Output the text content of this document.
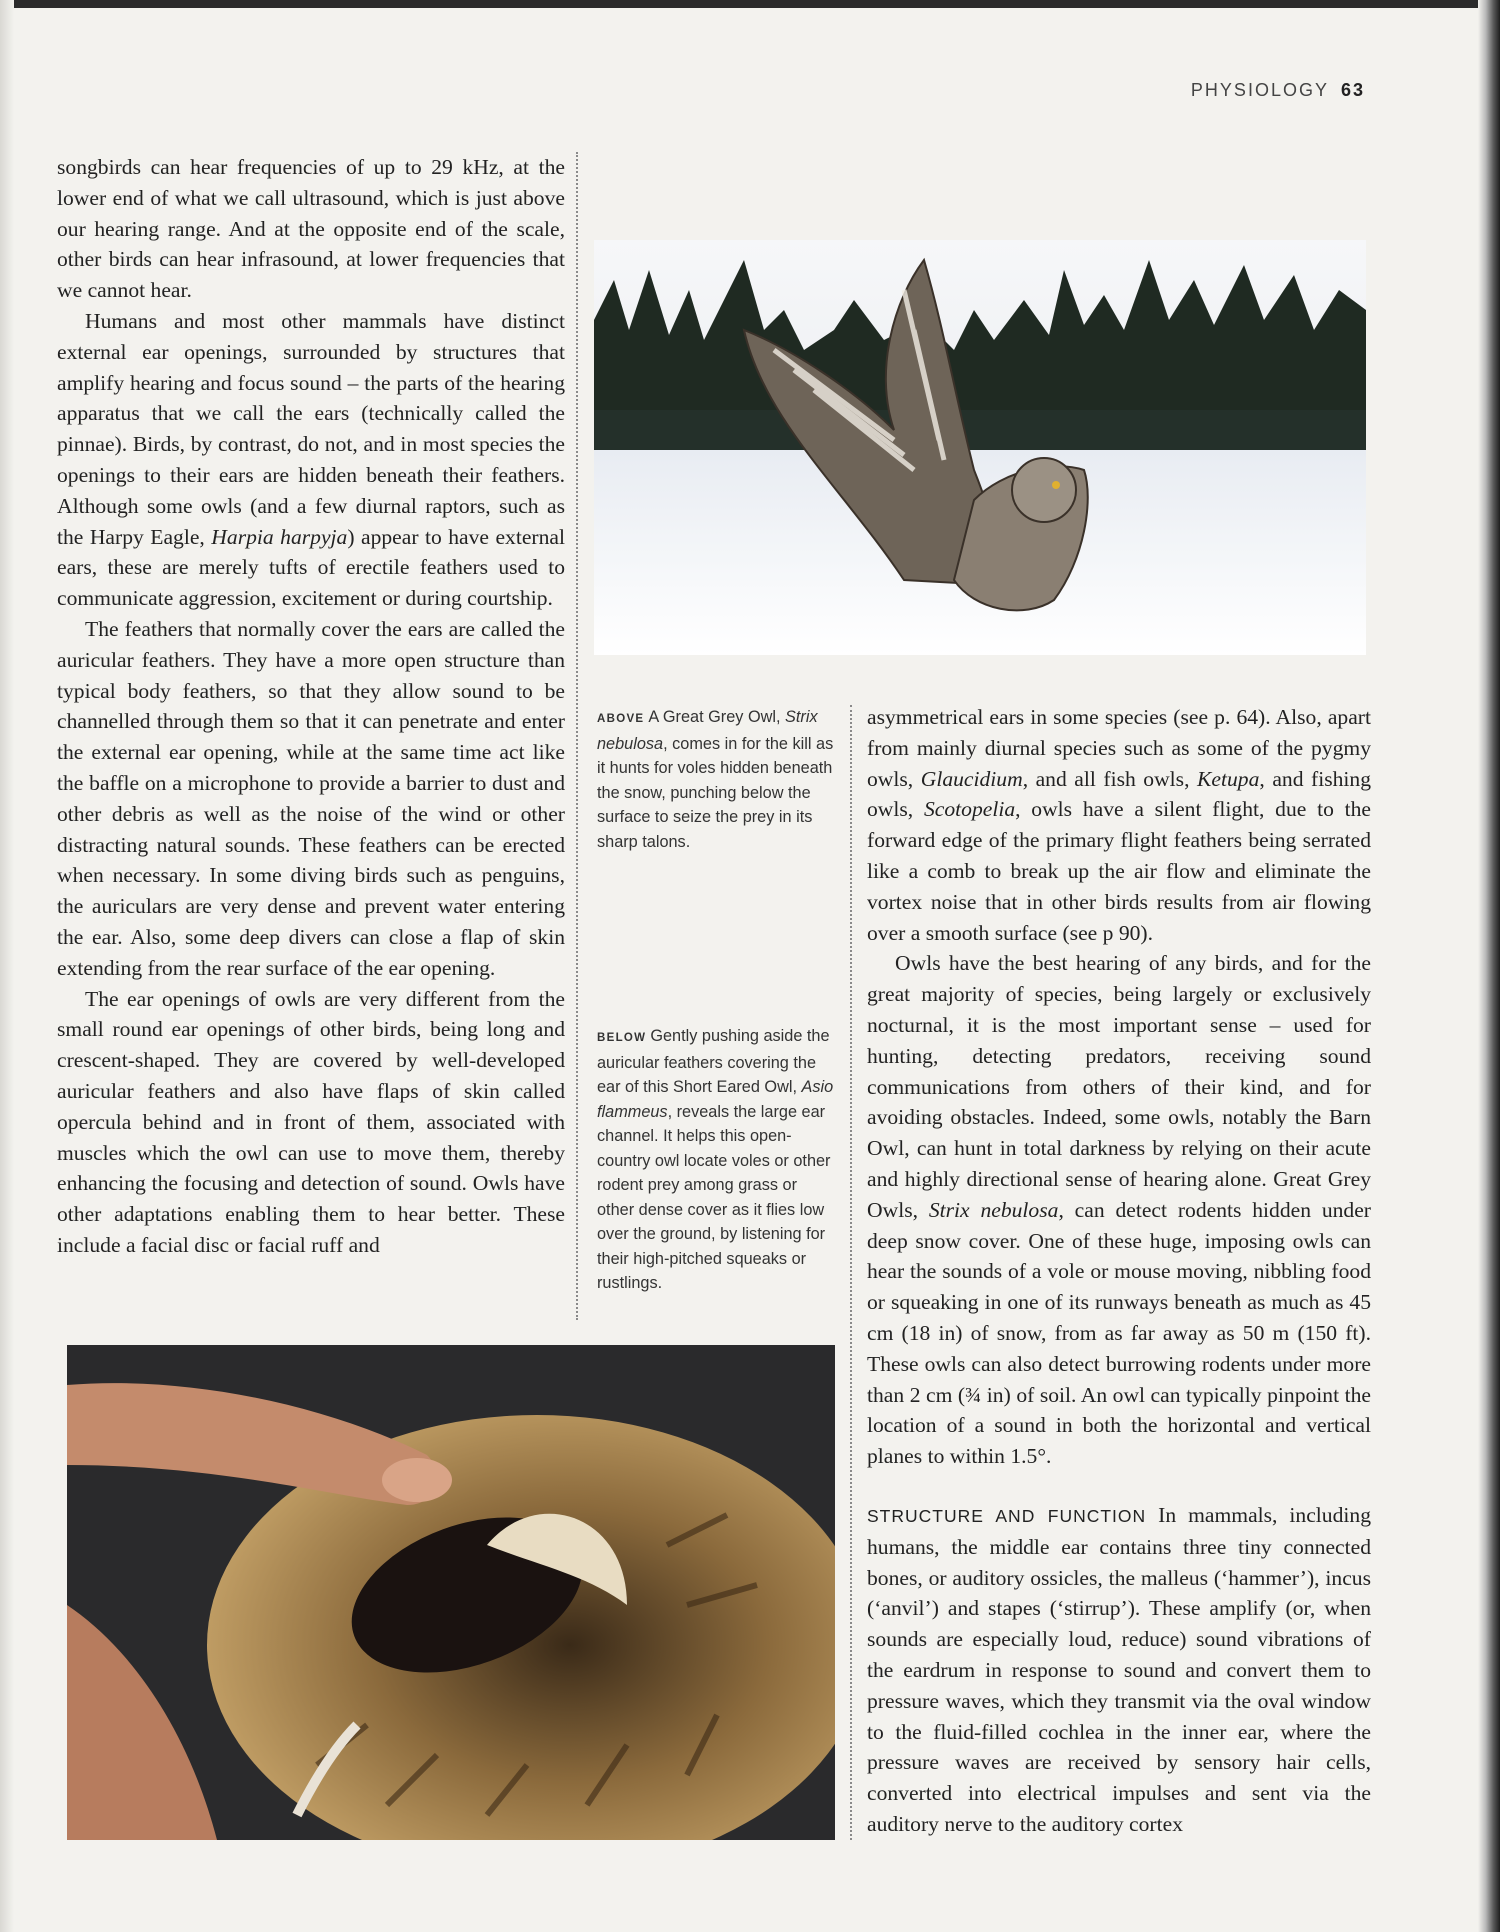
PHYSIOLOGY 63

songbirds can hear frequencies of up to 29 kHz, at the lower end of what we call ultrasound, which is just above our hearing range. And at the opposite end of the scale, other birds can hear infrasound, at lower frequencies that we cannot hear.

Humans and most other mammals have distinct external ear openings, surrounded by structures that amplify hearing and focus sound – the parts of the hearing apparatus that we call the ears (technically called the pinnae). Birds, by contrast, do not, and in most species the openings to their ears are hidden beneath their feathers. Although some owls (and a few diurnal raptors, such as the Harpy Eagle, Harpia harpyja) appear to have external ears, these are merely tufts of erectile feathers used to communicate aggression, excitement or during courtship.

The feathers that normally cover the ears are called the auricular feathers. They have a more open structure than typical body feathers, so that they allow sound to be channelled through them so that it can penetrate and enter the external ear opening, while at the same time act like the baffle on a microphone to provide a barrier to dust and other debris as well as the noise of the wind or other distracting natural sounds. These feathers can be erected when necessary. In some diving birds such as penguins, the auriculars are very dense and prevent water entering the ear. Also, some deep divers can close a flap of skin extending from the rear surface of the ear opening.

The ear openings of owls are very different from the small round ear openings of other birds, being long and crescent-shaped. They are covered by well-developed auricular feathers and also have flaps of skin called opercula behind and in front of them, associated with muscles which the owl can use to move them, thereby enhancing the focusing and detection of sound. Owls have other adaptations enabling them to hear better. These include a facial disc or facial ruff and

ABOVE A Great Grey Owl, Strix nebulosa, comes in for the kill as it hunts for voles hidden beneath the snow, punching below the surface to seize the prey in its sharp talons.
BELOW Gently pushing aside the auricular feathers covering the ear of this Short Eared Owl, Asio flammeus, reveals the large ear channel. It helps this open-country owl locate voles or other rodent prey among grass or other dense cover as it flies low over the ground, by listening for their high-pitched squeaks or rustlings.

asymmetrical ears in some species (see p. 64). Also, apart from mainly diurnal species such as some of the pygmy owls, Glaucidium, and all fish owls, Ketupa, and fishing owls, Scotopelia, owls have a silent flight, due to the forward edge of the primary flight feathers being serrated like a comb to break up the air flow and eliminate the vortex noise that in other birds results from air flowing over a smooth surface (see p 90).

Owls have the best hearing of any birds, and for the great majority of species, being largely or exclusively nocturnal, it is the most important sense – used for hunting, detecting predators, receiving sound communications from others of their kind, and for avoiding obstacles. Indeed, some owls, notably the Barn Owl, can hunt in total darkness by relying on their acute and highly directional sense of hearing alone. Great Grey Owls, Strix nebulosa, can detect rodents hidden under deep snow cover. One of these huge, imposing owls can hear the sounds of a vole or mouse moving, nibbling food or squeaking in one of its runways beneath as much as 45 cm (18 in) of snow, from as far away as 50 m (150 ft). These owls can also detect burrowing rodents under more than 2 cm (¾ in) of soil. An owl can typically pinpoint the location of a sound in both the horizontal and vertical planes to within 1.5°.

STRUCTURE AND FUNCTION In mammals, including humans, the middle ear contains three tiny connected bones, or auditory ossicles, the malleus (‘hammer’), incus (‘anvil’) and stapes (‘stirrup’). These amplify (or, when sounds are especially loud, reduce) sound vibrations of the eardrum in response to sound and convert them to pressure waves, which they transmit via the oval window to the fluid-filled cochlea in the inner ear, where the pressure waves are received by sensory hair cells, converted into electrical impulses and sent via the auditory nerve to the auditory cortex
